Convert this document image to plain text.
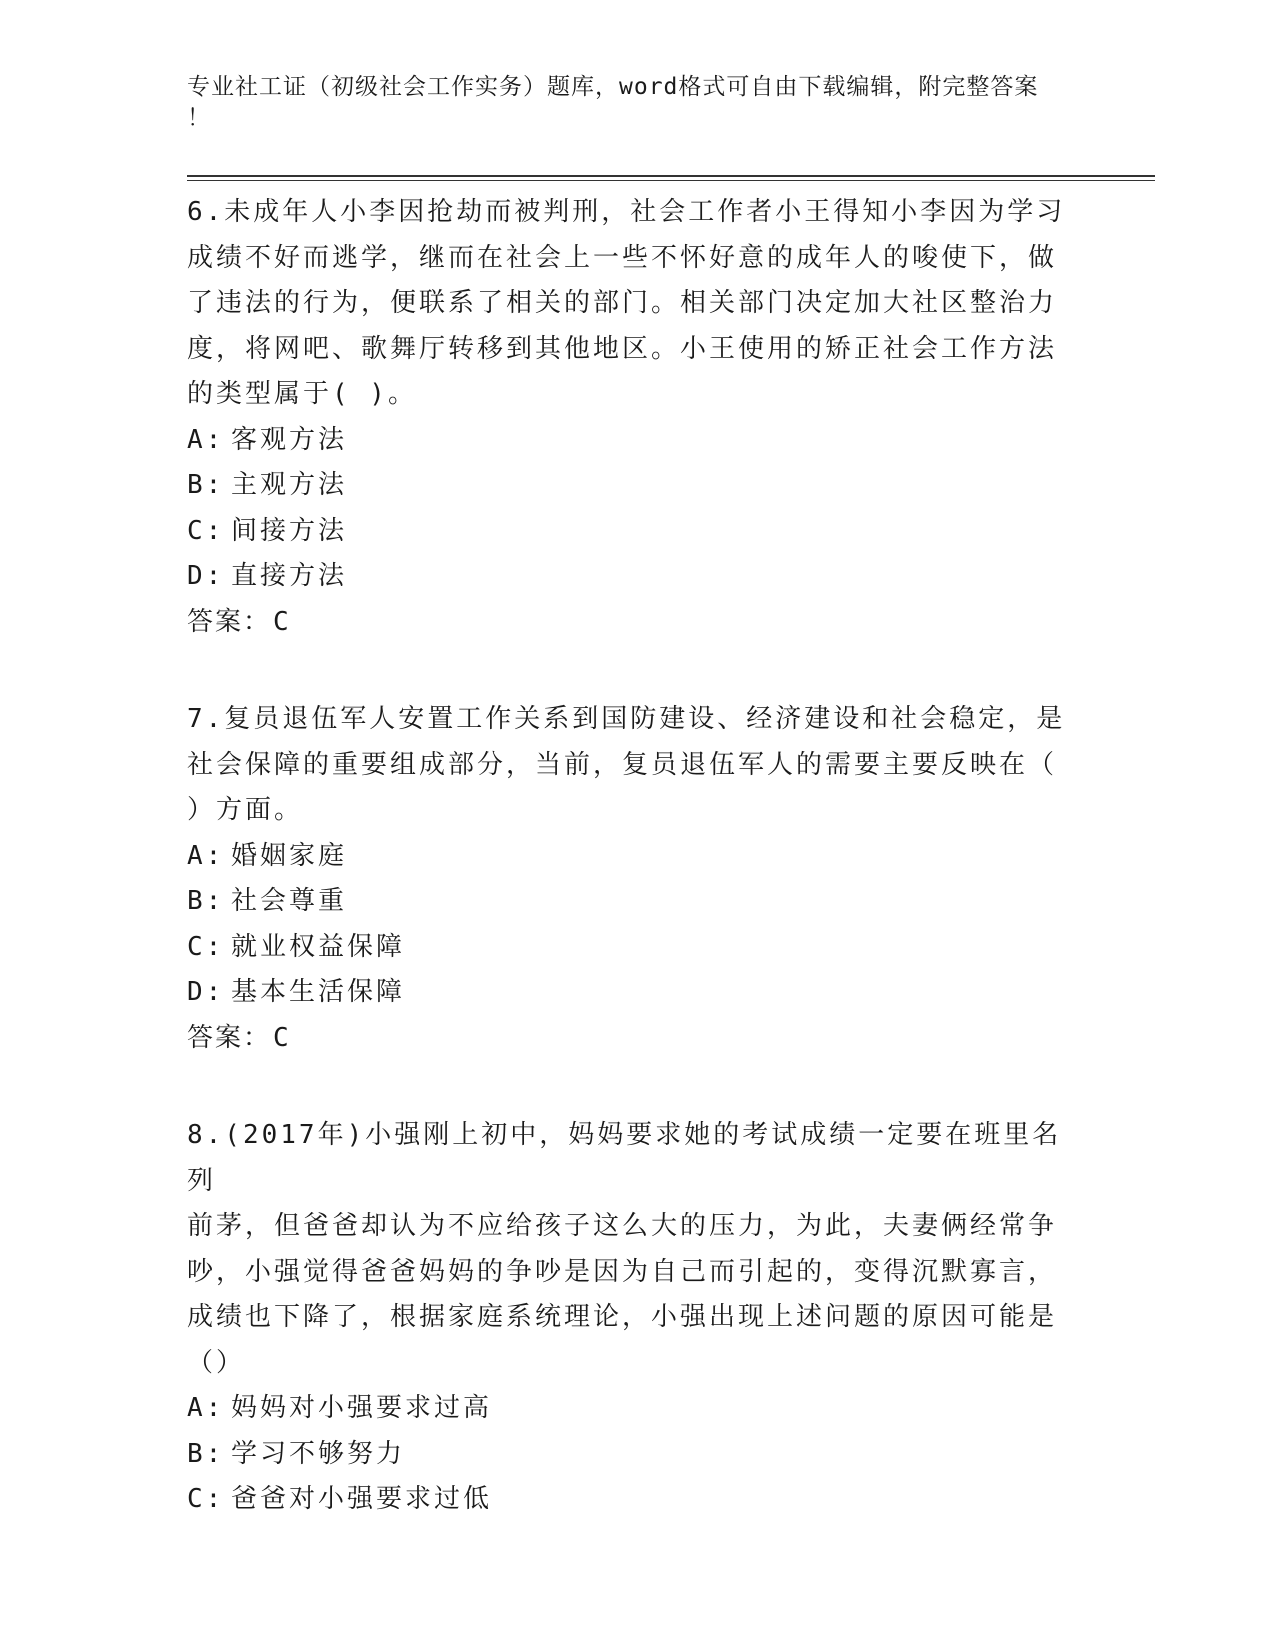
专业社工证（初级社会工作实务）题库，word格式可自由下载编辑，附完整答案
！
6.未成年人小李因抢劫而被判刑，社会工作者小王得知小李因为学习
成绩不好而逃学，继而在社会上一些不怀好意的成年人的唆使下，做
了违法的行为，便联系了相关的部门。相关部门决定加大社区整治力
度，将网吧、歌舞厅转移到其他地区。小王使用的矫正社会工作方法
的类型属于( )。
A: 客观方法
B: 主观方法
C: 间接方法
D: 直接方法
答案： C
7.复员退伍军人安置工作关系到国防建设、经济建设和社会稳定，是
社会保障的重要组成部分，当前，复员退伍军人的需要主要反映在（
）方面。
A: 婚姻家庭
B: 社会尊重
C: 就业权益保障
D: 基本生活保障
答案： C
8.(2017年)小强刚上初中，妈妈要求她的考试成绩一定要在班里名列
前茅，但爸爸却认为不应给孩子这么大的压力，为此，夫妻俩经常争
吵，小强觉得爸爸妈妈的争吵是因为自己而引起的，变得沉默寡言，
成绩也下降了，根据家庭系统理论，小强出现上述问题的原因可能是
（）
A: 妈妈对小强要求过高
B: 学习不够努力
C: 爸爸对小强要求过低
